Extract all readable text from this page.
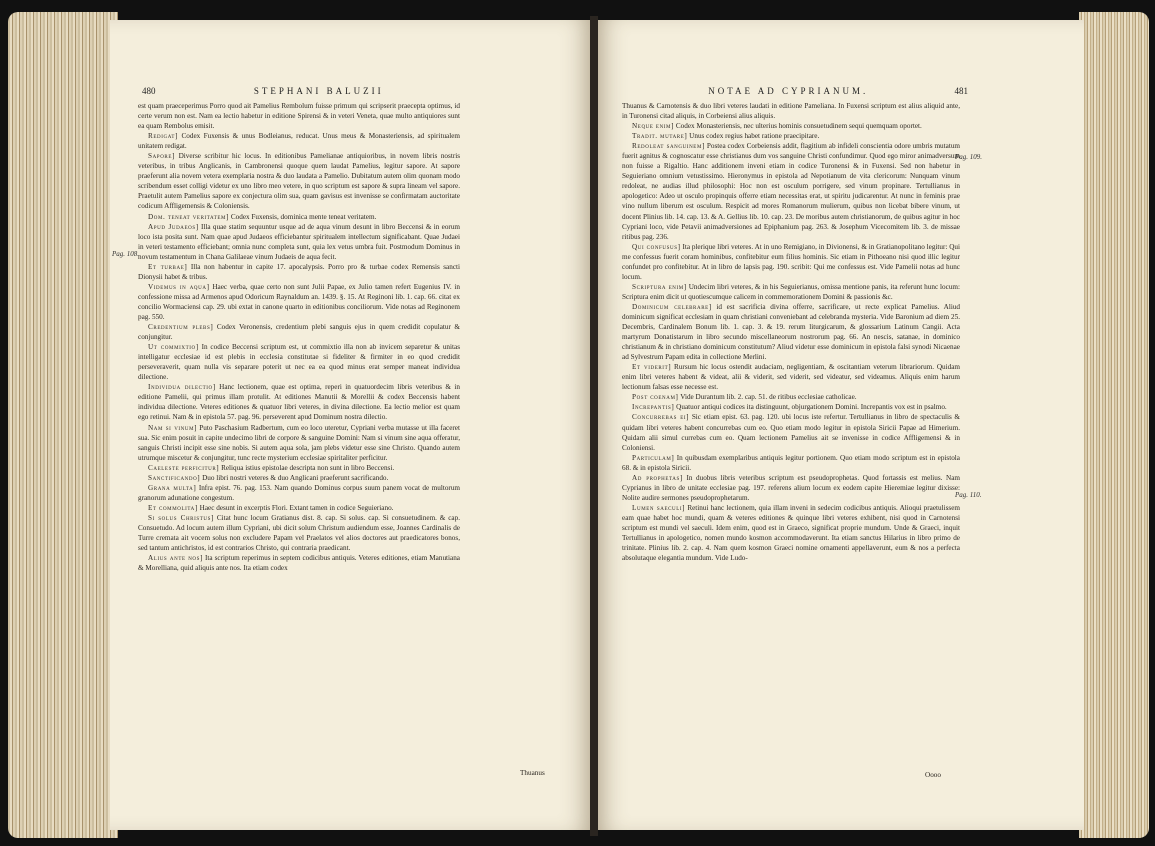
480	STEPHANI BALUZII	NOTAE AD CYPRIANUM.	481
Pag. 108.
Pag. 109.
Pag. 110.

est quam praeceperimus Porro quod ait Pamelius Rembolum fuisse primum qui scripserit praecepta optimus, id certe verum non est. Nam ea lectio habetur in editione Spirensi & in veteri Veneta, quae multo antiquiores sunt ea quam Rembolus emisit.

Redigat] Codex Fuxensis & unus Bodleianus, reducat. Unus meus & Monasteriensis, ad spiritualem unitatem redigat.

Sapore] Diverse scribitur hic locus. In editionibus Pamelianae antiquioribus, in novem libris nostris veteribus, in tribus Anglicanis, in Cambronensi quoque quem laudat Pamelius, legitur sapore. At sapore praeferunt alia novem vetera exemplaria nostra & duo laudata a Pamelio. Dubitatum autem olim quonam modo scribendum esset colligi videtur ex uno libro meo vetere, in quo scriptum est sapore & supra lineam vel sapore. Praetulit autem Pamelius sapore ex conjectura olim sua, quam gavisus est invenisse se confirmatam auctoritate codicum Affligemensis & Coloniensis.

Dom. teneat veritatem] Codex Fuxensis, dominica mente teneat veritatem.

Apud Judaeos] Illa quae statim sequuntur usque ad de aqua vinum desunt in libro Beccensi & in eorum loco ista posita sunt. Nam quae apud Judaeos efficiebantur spiritualem intellectum significabant. Quae Judaei in veteri testamento efficiebant; omnia nunc completa sunt, quia lex vetus umbra fuit. Postmodum Dominus in novum testamentum in Chana Galilaeae vinum Judaeis de aqua fecit.

Et turbae] Illa non habentur in capite 17. apocalypsis. Porro pro & turbae codex Remensis sancti Dionysii habet & tribus.

Videmus in aqua] Haec verba, quae certo non sunt Julii Papae, ex Julio tamen refert Eugenius IV. in confessione missa ad Armenos apud Odoricum Raynaldum an. 1439. §. 15. At Reginoni lib. 1. cap. 66. citat ex concilio Wormaciensi cap. 29. ubi extat in canone quarto in editionibus conciliorum. Vide notas ad Reginonem pag. 550.

Credentium plebs] Codex Veronensis, credentium plebi sanguis ejus in quem credidit copulatur & conjungitur.

Ut commixtio] In codice Beccensi scriptum est, ut commixtio illa non ab invicem separetur & unitas intelligatur ecclesiae id est plebis in ecclesia constitutae si fideliter & firmiter in eo quod credidit perseveraverit, quam nulla vis separare poterit ut nec ea ea quod minus erat semper maneat individua dilectione.

Individua dilectio] Hanc lectionem, quae est optima, reperi in quatuordecim libris veteribus & in editione Pamelii, qui primus illam protulit. At editiones Manutii & Morellii & codex Beccensis habent individua dilectione. Veteres editiones & quatuor libri veteres, in divina dilectione. Ea lectio melior est quam ego retinui. Nam & in epistola 57. pag. 96. perseverent apud Dominum nostra dilectio.

Nam si vinum] Puto Paschasium Radbertum, cum eo loco uteretur, Cypriani verba mutasse ut illa faceret sua. Sic enim posuit in capite undecimo libri de corpore & sanguine Domini: Nam si vinum sine aqua offeratur, sanguis Christi incipit esse sine nobis. Si autem aqua sola, jam plebs videtur esse sine Christo. Quando autem utrumque miscetur & conjungitur, tunc recte mysterium ecclesiae spiritaliter perficitur.

Caeleste perficitur] Reliqua istius epistolae descripta non sunt in libro Beccensi.

Sanctificando] Duo libri nostri veteres & duo Anglicani praeferunt sacrificando.

Grana multa] Infra epist. 76. pag. 153. Nam quando Dominus corpus suum panem vocat de multorum granorum adunatione congestum.

Et commolita] Haec desunt in excerptis Flori. Extant tamen in codice Seguieriano.

Si solus Christus] Citat hunc locum Gratianus dist. 8. cap. Si solus. cap. Si consuetudinem. & cap. Consuetudo. Ad locum autem illum Cypriani, ubi dicit solum Christum audiendum esse, Joannes Cardinalis de Turre cremata ait vocem solus non excludere Papam vel Praelatos vel alios doctores aut praedicatores bonos, sed tantum antichristos, id est contrarios Christo, qui contraria praedicant.

Alius ante nos] Ita scriptum reperimus in septem codicibus antiquis. Veteres editiones, etiam Manutiana & Morelliana, quid aliquis ante nos. Ita etiam codex

Thuanus & Carnotensis & duo libri veteres laudati in editione Pameliana. In Fuxensi scriptum est alius aliquid ante, in Turonensi citad aliquis, in Corbeiensi alius aliquis.

Neque enim] Codex Monasteriensis, nec ulterius hominis consuetudinem sequi quemquam oportet.

Tradit. mutare] Unus codex regius habet ratione praecipitare.

Redoleat sanguinem] Postea codex Corbeiensis addit, flagitium ab infideli conscientia odore umbris mutatum fuerit agnitus & cognoscatur esse christianus dum vos sanguine Christi confundimur. Quod ego miror animadversum non fuisse a Rigaltio. Hanc additionem inveni etiam in codice Turonensi & in Fuxensi. Sed non habetur in Seguieriano omnium vetustissimo. Hieronymus in epistola ad Nepotianum de vita clericorum: Nunquam vinum redoleat, ne audias illud philosophi: Hoc non est osculum porrigere, sed vinum propinare. Tertullianus in apologetico: Adeo ut osculo propinquis offerre etiam necessitas erat, ut spiritu judicarentur. At nunc in feminis prae vino nullum liberum est osculum. Respicit ad mores Romanorum mulierum, quibus non licebat bibere vinum, ut docent Plinius lib. 14. cap. 13. & A. Gellius lib. 10. cap. 23. De moribus autem christianorum, de quibus agitur in hoc Cypriani loco, vide Petavii animadversiones ad Epiphanium pag. 263. & Josephum Vicecomitem lib. 3. de missae ritibus pag. 236.

Qui confusus] Ita plerique libri veteres. At in uno Remigiano, in Divionensi, & in Gratianopolitano legitur: Qui me confessus fuerit coram hominibus, confitebitur eum filius hominis. Sic etiam in Pithoeano nisi quod illic legitur confundet pro confitebitur. At in libro de lapsis pag. 190. scribit: Qui me confessus est. Vide Pamelii notas ad hunc locum.

Scriptura enim] Undecim libri veteres, & in his Seguierianus, omissa mentione panis, ita referunt hunc locum: Scriptura enim dicit ut quotiescumque calicem in commemorationem Domini & passionis &c.

Dominicum celebrare] id est sacrificia divina offerre, sacrificare, ut recte explicat Pamelius. Aliud dominicum significat ecclesiam in quam christiani conveniebant ad celebranda mysteria. Vide Baronium ad diem 25. Decembris, Cardinalem Bonum lib. 1. cap. 3. & 19. rerum liturgicarum, & glossarium Latinum Cangii. Acta martyrum Donatistarum in libro secundo miscellaneorum nostrorum pag. 66. An nescis, satanae, in dominico christianum & in christiano dominicum constitutum? Aliud videtur esse dominicum in epistola falsi synodi Nicaenae ad Sylvestrum Papam edita in collectione Merlini.

Et viderit] Rursum hic locus ostendit audaciam, negligentiam, & oscitantiam veterum librariorum. Quidam enim libri veteres habent & videat, alii & viderit, sed viderit, sed videatur, sed videamus. Aliquis enim harum lectionum falsas esse necesse est.

Post coenam] Vide Durantum lib. 2. cap. 51. de ritibus ecclesiae catholicae.

Increpantis] Quatuor antiqui codices ita distinguunt, objurgationem Domini. Increpantis vox est in psalmo.

Concurrebas ei] Sic etiam epist. 63. pag. 120. ubi locus iste refertur. Tertullianus in libro de spectaculis & quidam libri veteres habent concurrebas cum eo. Quo etiam modo legitur in epistola Siricii Papae ad Himerium. Quidam alii simul currebas cum eo. Quam lectionem Pamelius ait se invenisse in codice Affligemensi & in Coloniensi.

Particulam] In quibusdam exemplaribus antiquis legitur portionem. Quo etiam modo scriptum est in epistola 68. & in epistola Siricii.

Ad prophetas] In duobus libris veteribus scriptum est pseudoprophetas. Quod fortassis est melius. Nam Cyprianus in libro de unitate ecclesiae pag. 197. referens alium locum ex eodem capite Hieremiae legitur dixisse: Nolite audire sermones pseudoprophetarum.

Lumen saeculi] Retinui hanc lectionem, quia illam inveni in sedecim codicibus antiquis. Alioqui praetulissem eam quae habet hoc mundi, quam & veteres editiones & quinque libri veteres exhibent, nisi quod in Carnotensi scriptum est mundi vel saeculi. Idem enim, quod est in Graeco, significat proprie mundum. Unde & Graeci, inquit Tertullianus in apologetico, nomen mundo kosmon accommodaverunt. Ita etiam sanctus Hilarius in libro primo de trinitate. Plinius lib. 2. cap. 4. Nam quem kosmon Graeci nomine ornamenti appellaverunt, eum & nos a perfecta absolutaque elegantia mundum. Vide Ludo-

Thuanus	Oooo
